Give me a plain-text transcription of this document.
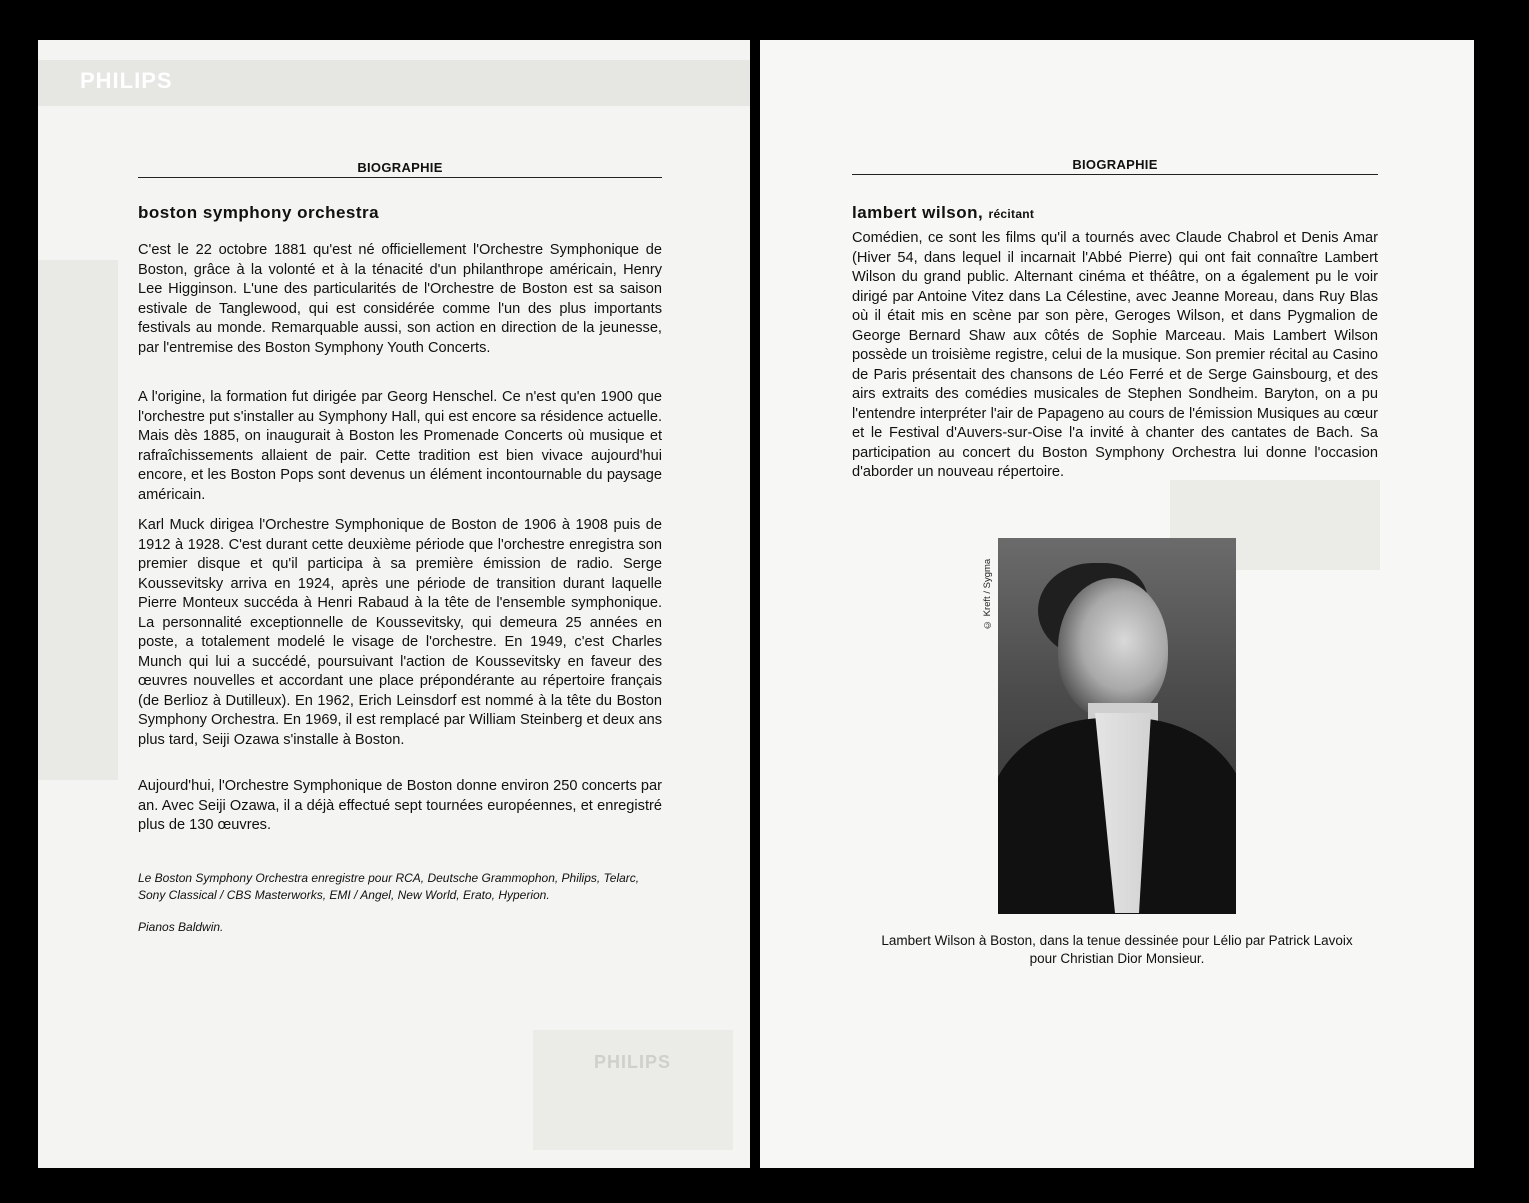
PHILIPS
PHILIPS
BIOGRAPHIE
boston symphony orchestra

C'est le 22 octobre 1881 qu'est né officiellement l'Orchestre Symphonique de Boston, grâce à la volonté et à la ténacité d'un philanthrope américain, Henry Lee Higginson. L'une des particularités de l'Orchestre de Boston est sa saison estivale de Tanglewood, qui est considérée comme l'un des plus importants festivals au monde. Remarquable aussi, son action en direction de la jeunesse, par l'entremise des Boston Symphony Youth Concerts.

A l'origine, la formation fut dirigée par Georg Henschel. Ce n'est qu'en 1900 que l'orchestre put s'installer au Symphony Hall, qui est encore sa résidence actuelle. Mais dès 1885, on inaugurait à Boston les Promenade Concerts où musique et rafraîchissements allaient de pair. Cette tradition est bien vivace aujourd'hui encore, et les Boston Pops sont devenus un élément incontournable du paysage américain.

Karl Muck dirigea l'Orchestre Symphonique de Boston de 1906 à 1908 puis de 1912 à 1928. C'est durant cette deuxième période que l'orchestre enregistra son premier disque et qu'il participa à sa première émission de radio. Serge Koussevitsky arriva en 1924, après une période de transition durant laquelle Pierre Monteux succéda à Henri Rabaud à la tête de l'ensemble symphonique. La personnalité exceptionnelle de Koussevitsky, qui demeura 25 années en poste, a totalement modelé le visage de l'orchestre. En 1949, c'est Charles Munch qui lui a succédé, poursuivant l'action de Koussevitsky en faveur des œuvres nouvelles et accordant une place prépondérante au répertoire français (de Berlioz à Dutilleux). En 1962, Erich Leinsdorf est nommé à la tête du Boston Symphony Orchestra. En 1969, il est remplacé par William Steinberg et deux ans plus tard, Seiji Ozawa s'installe à Boston.

Aujourd'hui, l'Orchestre Symphonique de Boston donne environ 250 concerts par an. Avec Seiji Ozawa, il a déjà effectué sept tournées européennes, et enregistré plus de 130 œuvres.

Le Boston Symphony Orchestra enregistre pour RCA, Deutsche Grammophon, Philips, Telarc, Sony Classical / CBS Masterworks, EMI / Angel, New World, Erato, Hyperion.

Pianos Baldwin.

BIOGRAPHIE
lambert wilson, récitant

Comédien, ce sont les films qu'il a tournés avec Claude Chabrol et Denis Amar (Hiver 54, dans lequel il incarnait l'Abbé Pierre) qui ont fait connaître Lambert Wilson du grand public. Alternant cinéma et théâtre, on a également pu le voir dirigé par Antoine Vitez dans La Célestine, avec Jeanne Moreau, dans Ruy Blas où il était mis en scène par son père, Geroges Wilson, et dans Pygmalion de George Bernard Shaw aux côtés de Sophie Marceau. Mais Lambert Wilson possède un troisième registre, celui de la musique. Son premier récital au Casino de Paris présentait des chansons de Léo Ferré et de Serge Gainsbourg, et des airs extraits des comédies musicales de Stephen Sondheim. Baryton, on a pu l'entendre interpréter l'air de Papageno au cours de l'émission Musiques au cœur et le Festival d'Auvers-sur-Oise l'a invité à chanter des cantates de Bach. Sa participation au concert du Boston Symphony Orchestra lui donne l'occasion d'aborder un nouveau répertoire.

© Kreft / Sygma
Lambert Wilson à Boston, dans la tenue dessinée pour Lélio par Patrick Lavoix
pour Christian Dior Monsieur.
